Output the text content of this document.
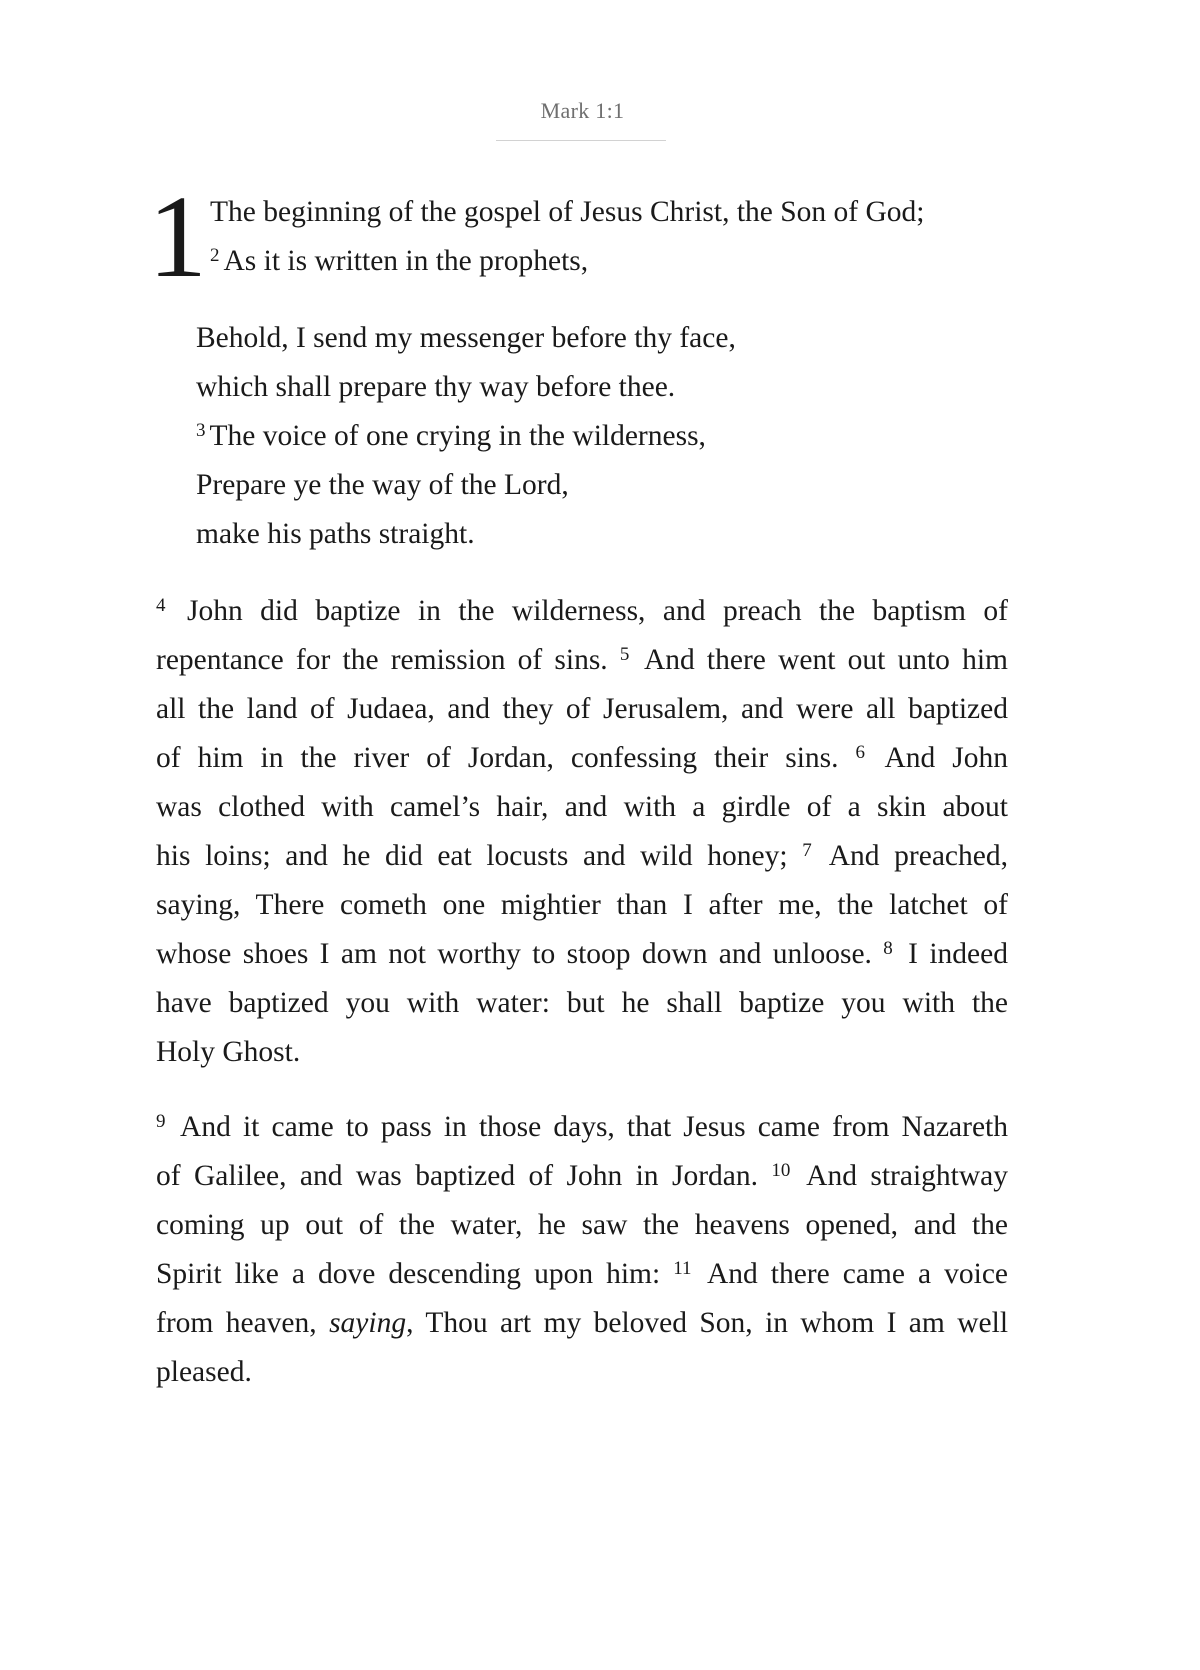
Mark 1:1
1 The beginning of the gospel of Jesus Christ, the Son of God;
$^2$ As it is written in the prophets,
Behold, I send my messenger before thy face,
which shall prepare thy way before thee.
$^3$ The voice of one crying in the wilderness,
Prepare ye the way of the Lord,
make his paths straight.
$^4$ John did baptize in the wilderness, and preach the baptism of
repentance for the remission of sins. $^5$ And there went out unto him
all the land of Judaea, and they of Jerusalem, and were all baptized
of him in the river of Jordan, confessing their sins. $^6$ And John
was clothed with camel’s hair, and with a girdle of a skin about
his loins; and he did eat locusts and wild honey; $^7$ And preached,
saying, There cometh one mightier than I after me, the latchet of
whose shoes I am not worthy to stoop down and unloose. $^8$ I indeed
have baptized you with water: but he shall baptize you with the
Holy Ghost.
$^9$ And it came to pass in those days, that Jesus came from Nazareth
of Galilee, and was baptized of John in Jordan. $^{10}$ And straightway
coming up out of the water, he saw the heavens opened, and the
Spirit like a dove descending upon him: $^{11}$ And there came a voice
from heaven, saying, Thou art my beloved Son, in whom I am well
pleased.
